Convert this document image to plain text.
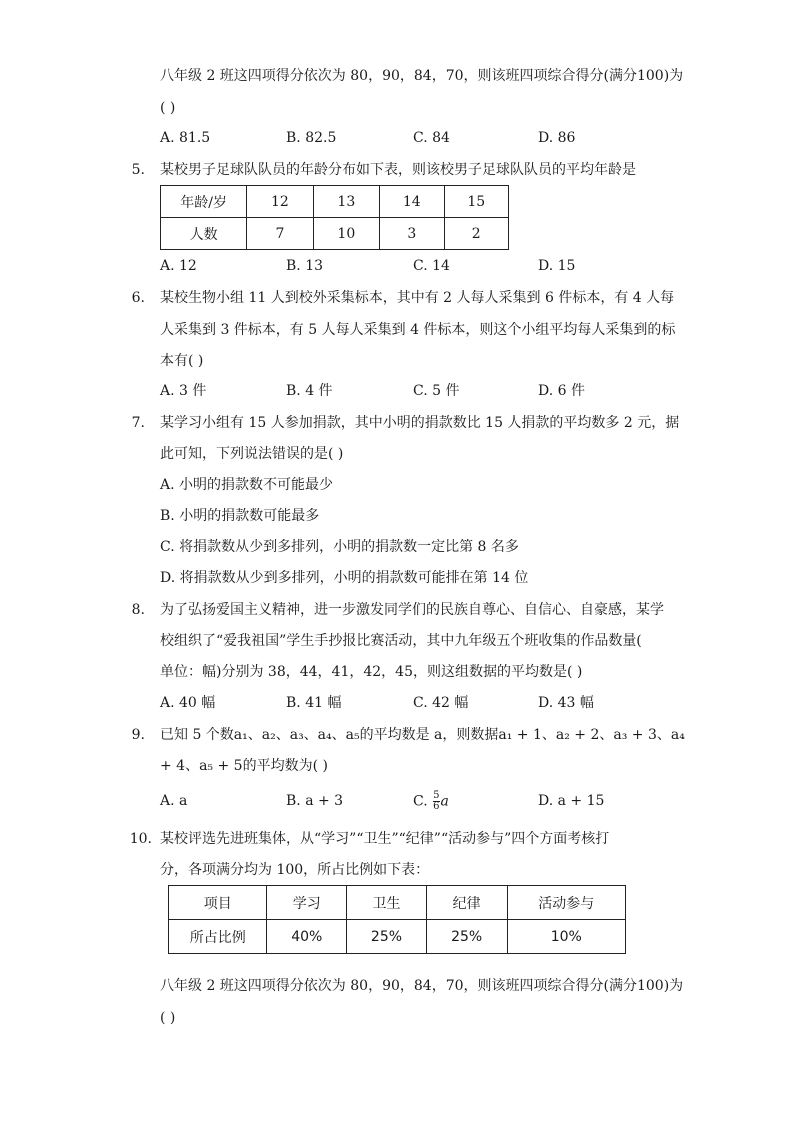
八年级 2 班这四项得分依次为 80，90，84，70，则该班四项综合得分(满分100)为
( )
A. 81.5	B. 82.5	C. 84	D. 86
5. 某校男子足球队队员的年龄分布如下表，则该校男子足球队队员的平均年龄是
年龄/岁	12	13	14	15
人数	7	10	3	2
A. 12	B. 13	C. 14	D. 15
6. 某校生物小组 11 人到校外采集标本，其中有 2 人每人采集到 6 件标本，有 4 人每
人采集到 3 件标本，有 5 人每人采集到 4 件标本，则这个小组平均每人采集到的标
本有( )
A. 3 件	B. 4 件	C. 5 件	D. 6 件
7. 某学习小组有 15 人参加捐款，其中小明的捐款数比 15 人捐款的平均数多 2 元，据
此可知，下列说法错误的是( )
A. 小明的捐款数不可能最少
B. 小明的捐款数可能最多
C. 将捐款数从少到多排列，小明的捐款数一定比第 8 名多
D. 将捐款数从少到多排列，小明的捐款数可能排在第 14 位
8. 为了弘扬爱国主义精神，进一步激发同学们的民族自尊心、自信心、自豪感，某学
校组织了“爱我祖国”学生手抄报比赛活动，其中九年级五个班收集的作品数量(
单位：幅)分别为 38，44，41，42，45，则这组数据的平均数是( )
A. 40 幅	B. 41 幅	C. 42 幅	D. 43 幅
9. 已知 5 个数a₁、a₂、a₃、a₄、a₅的平均数是 a，则数据a₁ + 1、a₂ + 2、a₃ + 3、a₄
+ 4、a₅ + 5的平均数为( )
A. a	B. a + 3	C. $\frac{5}{6}$ a	D. a + 15
10. 某校评选先进班集体，从“学习”“卫生”“纪律”“活动参与”四个方面考核打
分，各项满分均为 100，所占比例如下表：
项目	学习	卫生	纪律	活动参与
所占比例	40%	25%	25%	10%
八年级 2 班这四项得分依次为 80，90，84，70，则该班四项综合得分(满分100)为
( )
